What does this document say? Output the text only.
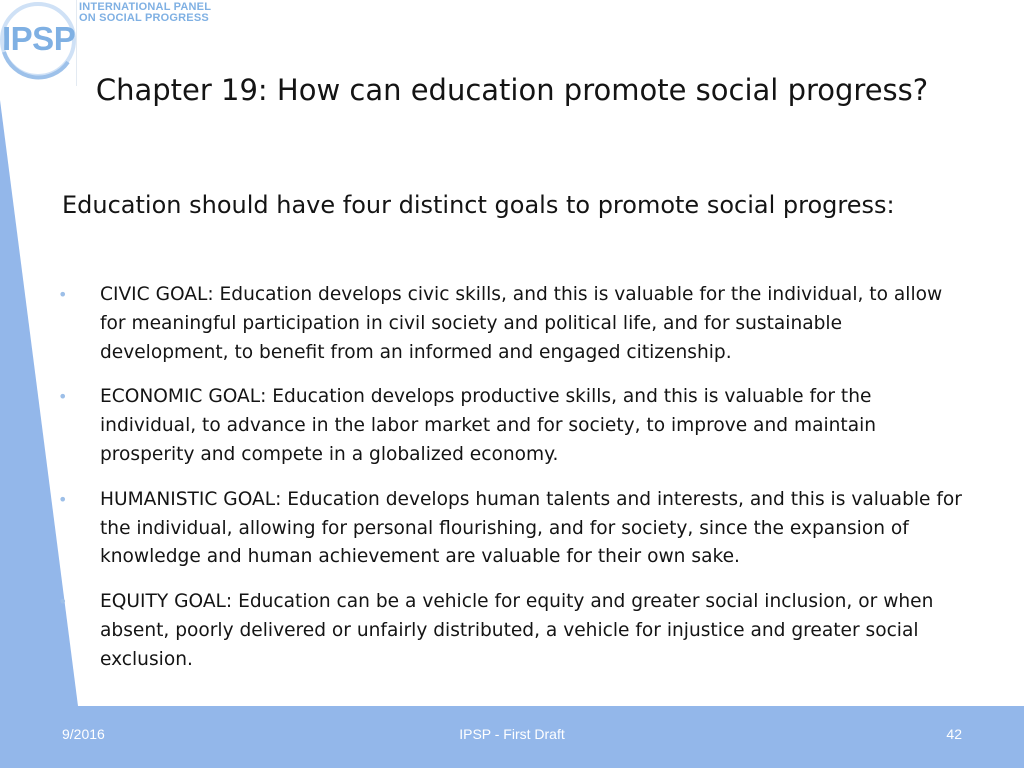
INTERNATIONAL PANEL
ON SOCIAL PROGRESS
IPSP
Chapter 19: How can education promote social progress?
Education should have four distinct goals to promote social progress:
• CIVIC GOAL: Education develops civic skills, and this is valuable for the individual, to allow for meaningful participation in civil society and political life, and for sustainable development, to benefit from an informed and engaged citizenship.
• ECONOMIC GOAL: Education develops productive skills, and this is valuable for the individual, to advance in the labor market and for society, to improve and maintain prosperity and compete in a globalized economy.
• HUMANISTIC GOAL: Education develops human talents and interests, and this is valuable for the individual, allowing for personal flourishing, and for society, since the expansion of knowledge and human achievement are valuable for their own sake.
• EQUITY GOAL: Education can be a vehicle for equity and greater social inclusion, or when absent, poorly delivered or unfairly distributed, a vehicle for injustice and greater social exclusion.
9/2016	IPSP - First Draft	42
